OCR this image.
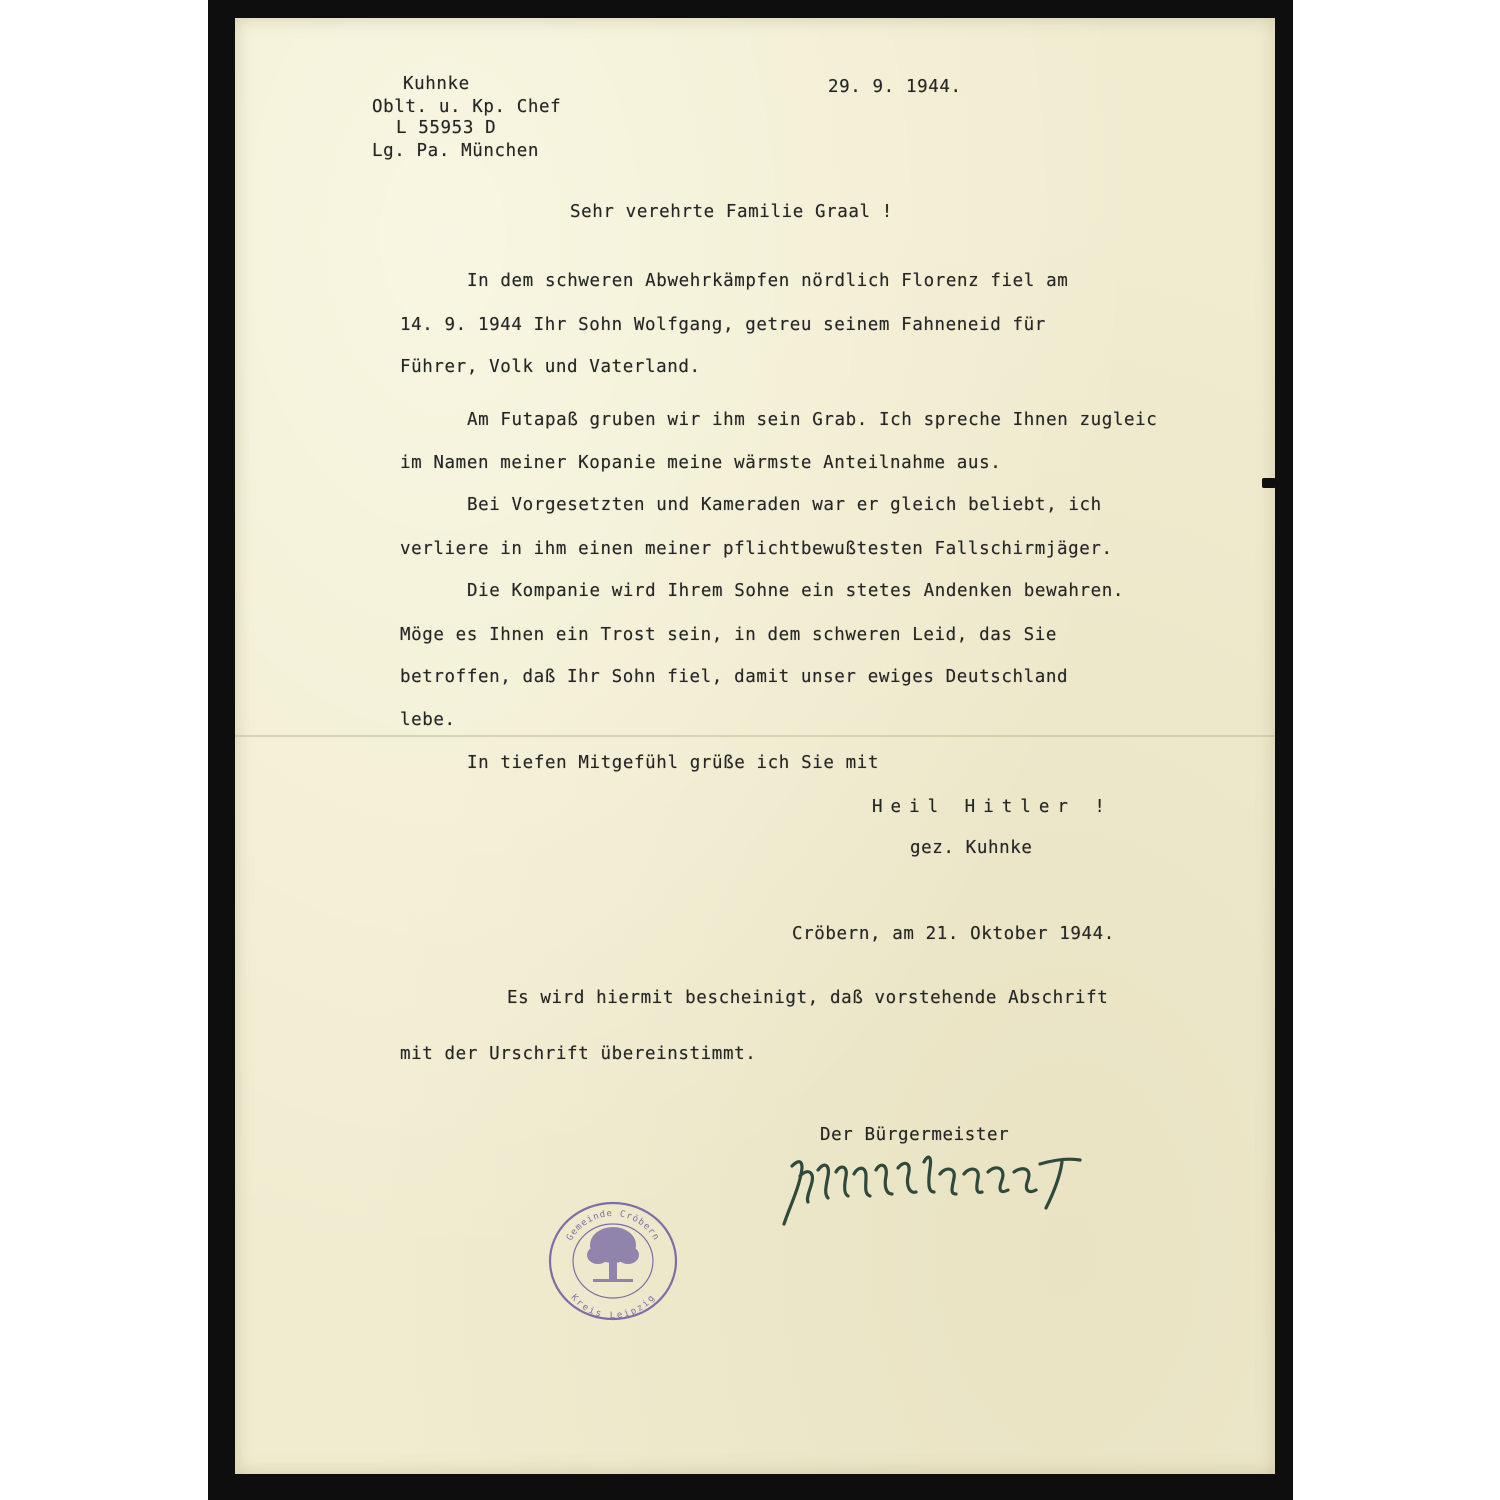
Kuhnke
Oblt. u. Kp. Chef
L 55953 D
Lg. Pa. München
29. 9. 1944.
Sehr verehrte Familie Graal !
In dem schweren Abwehrkämpfen nördlich Florenz fiel am
14. 9. 1944 Ihr Sohn Wolfgang, getreu seinem Fahneneid für
Führer, Volk und Vaterland.
Am Futapaß gruben wir ihm sein Grab. Ich spreche Ihnen zugleic
im Namen meiner Kopanie meine wärmste Anteilnahme aus.
Bei Vorgesetzten und Kameraden war er gleich beliebt, ich
verliere in ihm einen meiner pflichtbewußtesten Fallschirmjäger.
Die Kompanie wird Ihrem Sohne ein stetes Andenken bewahren.
Möge es Ihnen ein Trost sein, in dem schweren Leid, das Sie
betroffen, daß Ihr Sohn fiel, damit unser ewiges Deutschland
lebe.
In tiefen Mitgefühl grüße ich Sie mit
Heil Hitler !
gez. Kuhnke
Cröbern, am 21. Oktober 1944.
Es wird hiermit bescheinigt, daß vorstehende Abschrift
mit der Urschrift übereinstimmt.
Der Bürgermeister
Gemeinde Cröbern
Kreis Leipzig
